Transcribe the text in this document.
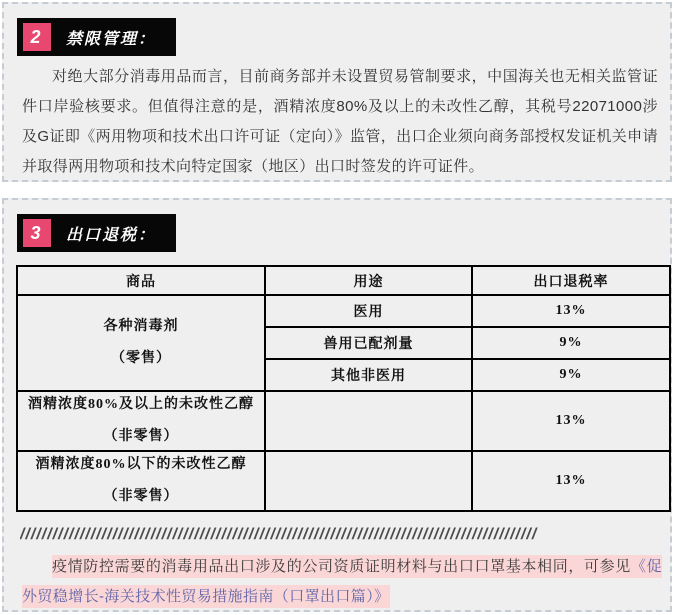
2	禁限管理：
对绝大部分消毒用品而言，目前商务部并未设置贸易管制要求，中国海关也无相关监管证件口岸验核要求。但值得注意的是，酒精浓度80%及以上的未改性乙醇，其税号22071000涉及G证即《两用物项和技术出口许可证（定向）》监管，出口企业须向商务部授权发证机关申请并取得两用物项和技术向特定国家（地区）出口时签发的许可证件。
3	出口退税：
商品	用途	出口退税率

各种消毒剂
（零售）	医用	13%
	兽用已配剂量	9%
	其他非医用	9%

酒精浓度80%及以上的未改性乙醇
（非零售）		13%

酒精浓度80%以下的未改性乙醇
（非零售）		13%
///////////////////////////////////////////////////////////////////////////////////////////////
疫情防控需要的消毒用品出口涉及的公司资质证明材料与出口口罩基本相同，可参见《促外贸稳增长-海关技术性贸易措施指南（口罩出口篇）》
